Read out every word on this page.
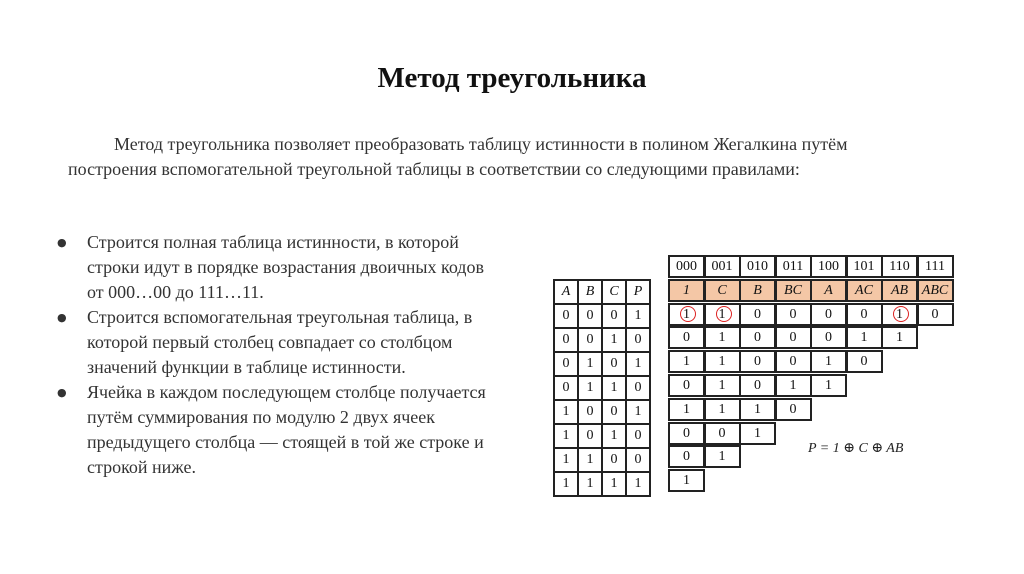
Метод треугольника
Метод треугольника позволяет преобразовать таблицу истинности в полином Жегалкина путём
построения вспомогательной треугольной таблицы в соответствии со следующими правилами:
● Строится полная таблица истинности, в которой строки идут в порядке возрастания двоичных кодов от 000…00 до 111…11.
● Строится вспомогательная треугольная таблица, в которой первый столбец совпадает со столбцом значений функции в таблице истинности.
● Ячейка в каждом последующем столбце получается путём суммирования по модулю 2 двух ячеек предыдущего столбца — стоящей в той же строке и строкой ниже.
A	B	C	P
0	0	0	1
0	0	1	0
0	1	0	1
0	1	1	0
1	0	0	1
1	0	1	0
1	1	0	0
1	1	1	1
000	001	010	011	100	101	110	111
1	C	B	BC	A	AC	AB ABC
1	1	0	0	0	0	1	0
0	1	0	0	0	1	1
1	1	0	0	1	0
0	1	0	1	1
1	1	1	0
0	0	1
0	1
1
P = 1 ⊕ C ⊕ AB
